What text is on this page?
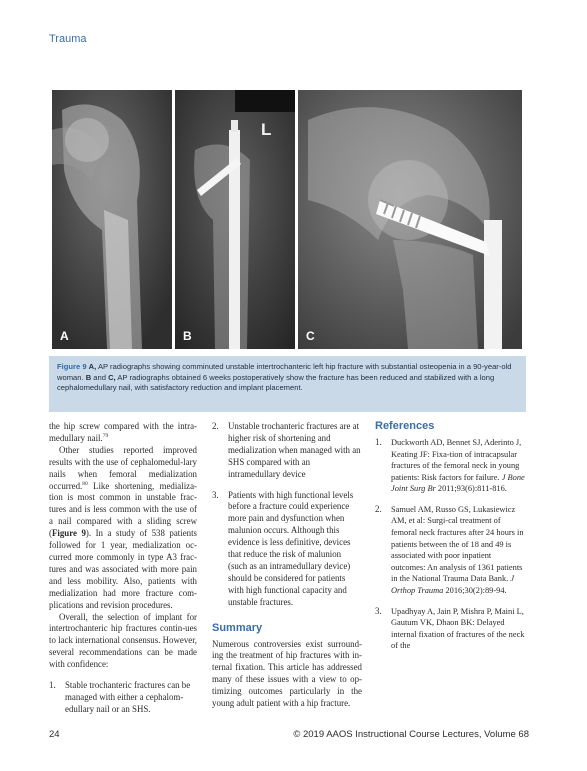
Trauma
A
L
B	C
Figure 9 A, AP radiographs showing comminuted unstable intertrochanteric left hip fracture with substantial osteopenia in a 90-year-old woman. B and C, AP radiographs obtained 6 weeks postoperatively show the fracture has been reduced and stabilized with a long cephalomedullary nail, with satisfactory reduction and implant placement.

the hip screw compared with the intra-medullary nail.$^{79}$

Other studies reported improved results with the use of cephalomedul-lary nails when femoral medialization occurred.$^{80}$ Like shortening, medializa-tion is most common in unstable frac-tures and is less common with the use of a nail compared with a sliding screw (Figure 9). In a study of 538 patients followed for 1 year, medialization oc-curred more commonly in type A3 frac-tures and was associated with more pain and less mobility. Also, patients with medialization had more fracture com-plications and revision procedures.

Overall, the selection of implant for intertrochanteric hip fractures contin-ues to lack international consensus. However, several recommendations can be made with confidence:

1.	Stable trochanteric fractures can be managed with either a cephalom-edullary nail or an SHS.
2.	Unstable trochanteric fractures are at higher risk of shortening and medialization when managed with an SHS compared with an intramedullary device
3.	Patients with high functional levels before a fracture could experience more pain and dysfunction when malunion occurs. Although this evidence is less definitive, devices that reduce the risk of malunion (such as an intramedullary device) should be considered for patients with high functional capacity and unstable fractures.
Summary

Numerous controversies exist surround-ing the treatment of hip fractures with in-ternal fixation. This article has addressed many of these issues with a view to op-timizing outcomes particularly in the young adult patient with a hip fracture.

References
1.	Duckworth AD, Bennet SJ, Aderinto J, Keating JF: Fixa-tion of intracapsular fractures of the femoral neck in young patients: Risk factors for failure. J Bone Joint Surg Br 2011;93(6):811-816.
2.	Samuel AM, Russo GS, Lukasiewicz AM, et al: Surgi-cal treatment of femoral neck fractures after 24 hours in patients between the of 18 and 49 is associated with poor inpatient outcomes: An analysis of 1361 patients in the National Trauma Data Bank. J Orthop Trauma 2016;30(2):89-94.
3.	Upadhyay A, Jain P, Mishra P, Maini L, Gautum VK, Dhaon BK: Delayed internal fixation of fractures of the neck of the
24	© 2019 AAOS Instructional Course Lectures, Volume 68
